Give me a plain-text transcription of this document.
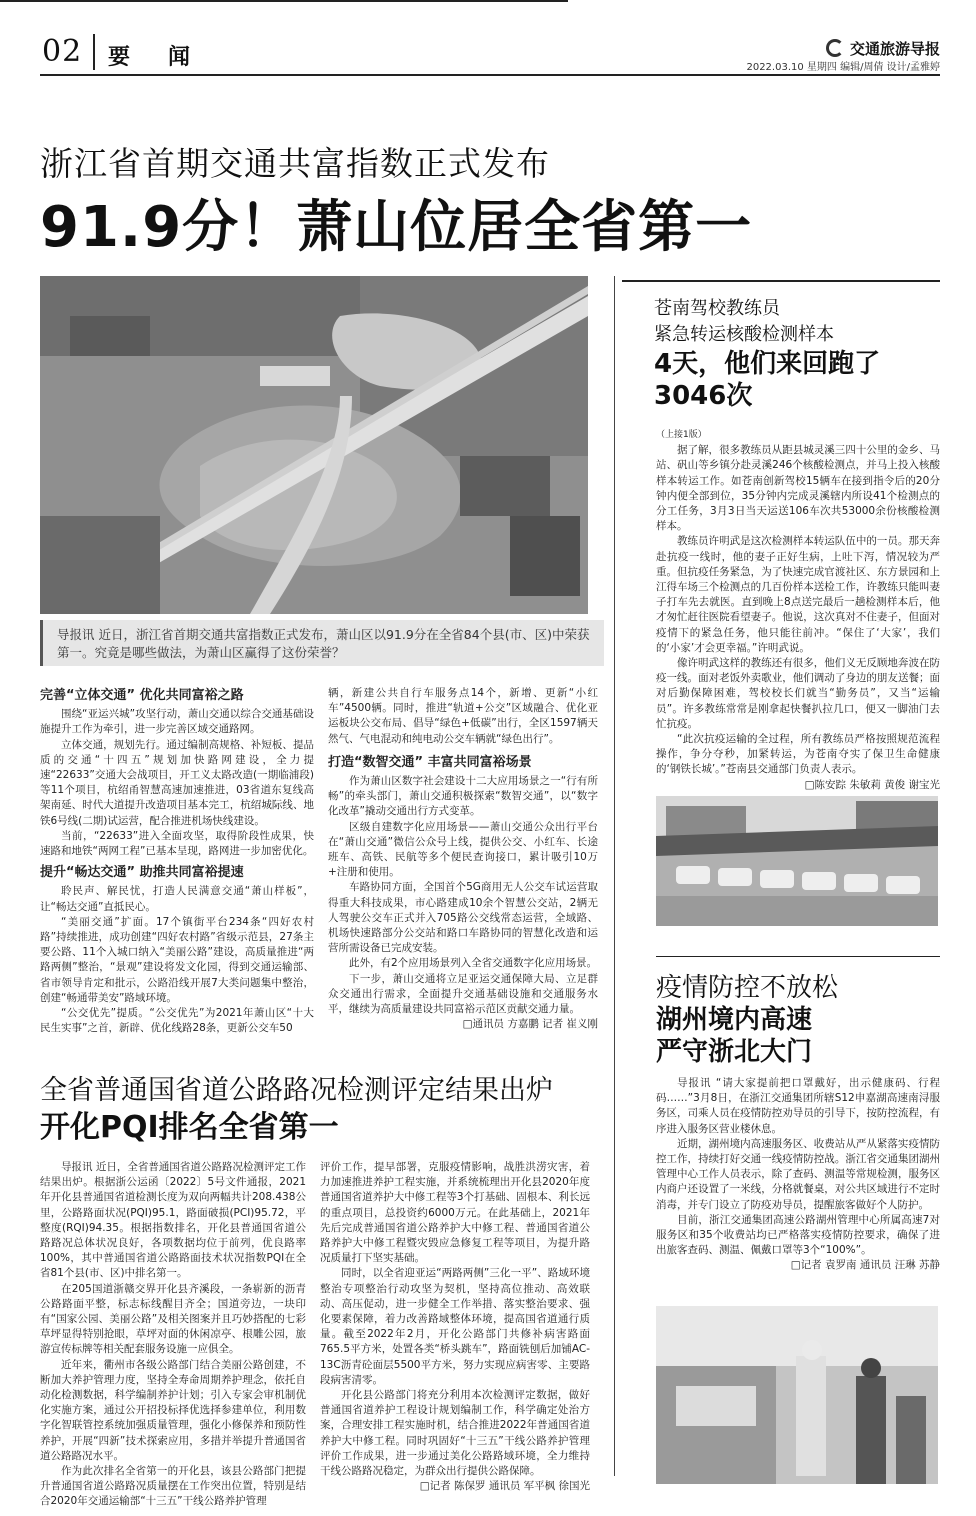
02 要闻	交通旅游导报
2022.03.10 星期四 编辑/周倩 设计/孟雅婷
浙江省首期交通共富指数正式发布
91.9分！萧山位居全省第一
导报讯 近日，浙江省首期交通共富指数正式发布，萧山区以91.9分在全省84个县(市、区)中荣获第一。究竟是哪些做法，为萧山区赢得了这份荣誉？
完善“立体交通” 优化共同富裕之路

围绕“亚运兴城”攻坚行动，萧山交通以综合交通基础设施提升工作为牵引，进一步完善区域交通路网。

立体交通，规划先行。通过编制高规格、补短板、提品质的交通“十四五”规划加快路网建设，全力提速“22633”交通大会战项目，开工义太路改造(一期临浦段)等11个项目，杭绍甬智慧高速加速推进，03省道东复线高架南延、时代大道提升改造项目基本完工，杭绍城际线、地铁6号线(二期)试运营，配合推进机场快线建设。

当前，“22633”进入全面攻坚，取得阶段性成果，快速路和地铁“两网工程”已基本呈现，路网进一步加密优化。

提升“畅达交通” 助推共同富裕提速

聆民声、解民忧，打造人民满意交通“萧山样板”，让“畅达交通”直抵民心。

“美丽交通”扩面。17个镇街平台234条“四好农村路”持续推进，成功创建“四好农村路”省级示范县，27条主要公路、11个入城口纳入“美丽公路”建设，高质量推进“两路两侧”整治，“景观”建设将发文化园，得到交通运输部、省市领导肯定和批示，公路沿线开展7大类问题集中整治，创建“畅通带美安”路域环境。

“公交优先”提质。“公交优先”为2021年萧山区“十大民生实事”之首，新辟、优化线路28条，更新公交车50

辆，新建公共自行车服务点14个，新增、更新“小红车”4500辆。同时，推进“轨道+公交”区域融合、优化亚运板块公交布局、倡导“绿色+低碳”出行，全区1597辆天然气、气电混动和纯电动公交车辆就“绿色出行”。

打造“数智交通” 丰富共同富裕场景

作为萧山区数字社会建设十二大应用场景之一“行有所畅”的牵头部门，萧山交通积极探索“数智交通”，以“数字化改革”撬动交通出行方式变革。

区级自建数字化应用场景——萧山交通公众出行平台在“萧山交通”微信公众号上线，提供公交、小红车、长途班车、高铁、民航等多个便民查询接口，累计吸引10万+注册和使用。

车路协同方面，全国首个5G商用无人公交车试运营取得重大科技成果，市心路建成10余个智慧公交站，2辆无人驾驶公交车正式并入705路公交线常态运营，全域路、机场快速路部分公交站和路口车路协同的智慧化改造和运营所需设备已完成安装。

此外，有2个应用场景列入全省交通数字化应用场景。

下一步，萧山交通将立足亚运交通保障大局、立足群众交通出行需求，全面提升交通基础设施和交通服务水平，继续为高质量建设共同富裕示范区贡献交通力量。

□通讯员 方嘉鹏 记者 崔义刚
苍南驾校教练员
紧急转运核酸检测样本
4天，他们来回跑了
3046次
（上接1版）

据了解，很多教练员从距县城灵溪三四十公里的金乡、马站、矾山等乡镇分赴灵溪246个核酸检测点，并马上投入核酸样本转运工作。如苍南创新驾校15辆车在接到指令后的20分钟内便全部到位，35分钟内完成灵溪辖内所设41个检测点的分工任务，3月3日当天运送106车次共53000余份核酸检测样本。

教练员许明武是这次检测样本转运队伍中的一员。那天奔赴抗疫一线时，他的妻子正好生病，上吐下泻，情况较为严重。但抗疫任务紧急，为了快速完成官渡社区、东方景园和上江得车场三个检测点的几百份样本送检工作，许教练只能叫妻子打车先去就医。直到晚上8点送完最后一趟检测样本后，他才匆忙赶往医院看望妻子。他说，这次真对不住妻子，但面对疫情下的紧急任务，他只能往前冲。“保住了‘大家’，我们的‘小家’才会更幸福。”许明武说。

像许明武这样的教练还有很多，他们义无反顾地奔波在防疫一线。面对老饭外卖歌业，他们调动了身边的朋友送餐；面对后勤保障困难，驾校校长们就当“勤务员”，又当“运输员”。许多教练常常是刚拿起快餐扒拉几口，便又一脚油门去忙抗疫。

“此次抗疫运输的全过程，所有教练员严格按照规范流程操作，争分夺秒，加紧转运，为苍南夺实了保卫生命健康的‘钢铁长城’。”苍南县交通部门负责人表示。

□陈安踪 朱敏莉 黄俊 谢宝光
疫情防控不放松
湖州境内高速
严守浙北大门

导报讯 “请大家提前把口罩戴好，出示健康码、行程码……”3月8日，在浙江交通集团所辖S12申嘉湖高速南浔服务区，司乘人员在疫情防控劝导员的引导下，按防控流程，有序进入服务区营业楼休息。

近期，湖州境内高速服务区、收费站从严从紧落实疫情防控工作，持续打好交通一线疫情防控战。浙江省交通集团湖州管理中心工作人员表示，除了查码、测温等常规检测，服务区内商户还设置了一米线，分格就餐桌，对公共区域进行不定时消毒，并专门设立了防疫劝导员，提醒旅客做好个人防护。

目前，浙江交通集团高速公路湖州管理中心所属高速7对服务区和35个收费站均已严格落实疫情防控要求，确保了进出旅客查码、测温、佩戴口罩等3个“100%”。

□记者 袁罗南 通讯员 汪琳 苏静
全省普通国省道公路路况检测评定结果出炉
开化PQI排名全省第一

导报讯 近日，全省普通国省道公路路况检测评定工作结果出炉。根据浙公运函〔2022〕5号文件通报，2021年开化县普通国省道检测长度为双向两幅共计208.438公里，公路路面状况(PQI)95.1，路面破损(PCI)95.72，平整度(RQI)94.35。根据指数排名，开化县普通国省道公路路况总体状况良好，各项数据均位于前列，优良路率100%，其中普通国省道公路路面技术状况指数PQI在全省81个县(市、区)中排名第一。

在205国道浙赣交界开化县齐溪段，一条崭新的沥青公路路面平整，标志标线醒目齐全；国道旁边，一块印有“国家公园、美丽公路”及相关图案并且巧妙搭配的七彩草坪显得特别抢眼，草坪对面的休闲凉亭、根雕公园，旅游宣传标牌等相关配套服务设施一应俱全。

近年来，衢州市各级公路部门结合美丽公路创建，不断加大养护管理力度，坚持全寿命周期养护理念，依托自动化检测数据，科学编制养护计划；引入专家会审机制优化实施方案，通过公开招投标择优选择参建单位，利用数字化智联管控系统加强质量管理，强化小修保养和预防性养护，开展“四新”技术探索应用，多措并举提升普通国省道公路路况水平。

作为此次排名全省第一的开化县，该县公路部门把提升普通国省道公路路况质量摆在工作突出位置，特别是结合2020年交通运输部“十三五”干线公路养护管理

评价工作，提早部署，克服疫情影响，战胜洪涝灾害，着力加速推进养护工程实施，并系统梳理出开化县2020年度普通国省道养护大中修工程等3个打基础、固根本、利长远的重点项目，总投资约6000万元。在此基础上，2021年先后完成普通国省道公路养护大中修工程、普通国省道公路养护大中修工程暨灾毁应急修复工程等项目，为提升路况质量打下坚实基础。

同时，以全省迎亚运“两路两侧”三化一平”、路域环境整治专项整治行动攻坚为契机，坚持高位推动、高效联动、高压促动，进一步健全工作举措、落实整治要求、强化要素保障，着力改善路域整体环境，提高国省道通行质量。截至2022年2月，开化公路部门共修补病害路面765.5平方米，处置各类“桥头跳车”，路面铣刨后加铺AC-13C沥青砼面层5500平方米，努力实现应病害零、主要路段病害清零。

开化县公路部门将充分利用本次检测评定数据，做好普通国省道养护工程设计规划编制工作，科学确定处治方案，合理安排工程实施时机，结合推进2022年普通国省道养护大中修工程。同时巩固好“十三五”干线公路养护管理评价工作成果，进一步通过美化公路路域环境，全力维持干线公路路况稳定，为群众出行提供公路保障。

□记者 陈保罗 通讯员 军平枫 徐国光
